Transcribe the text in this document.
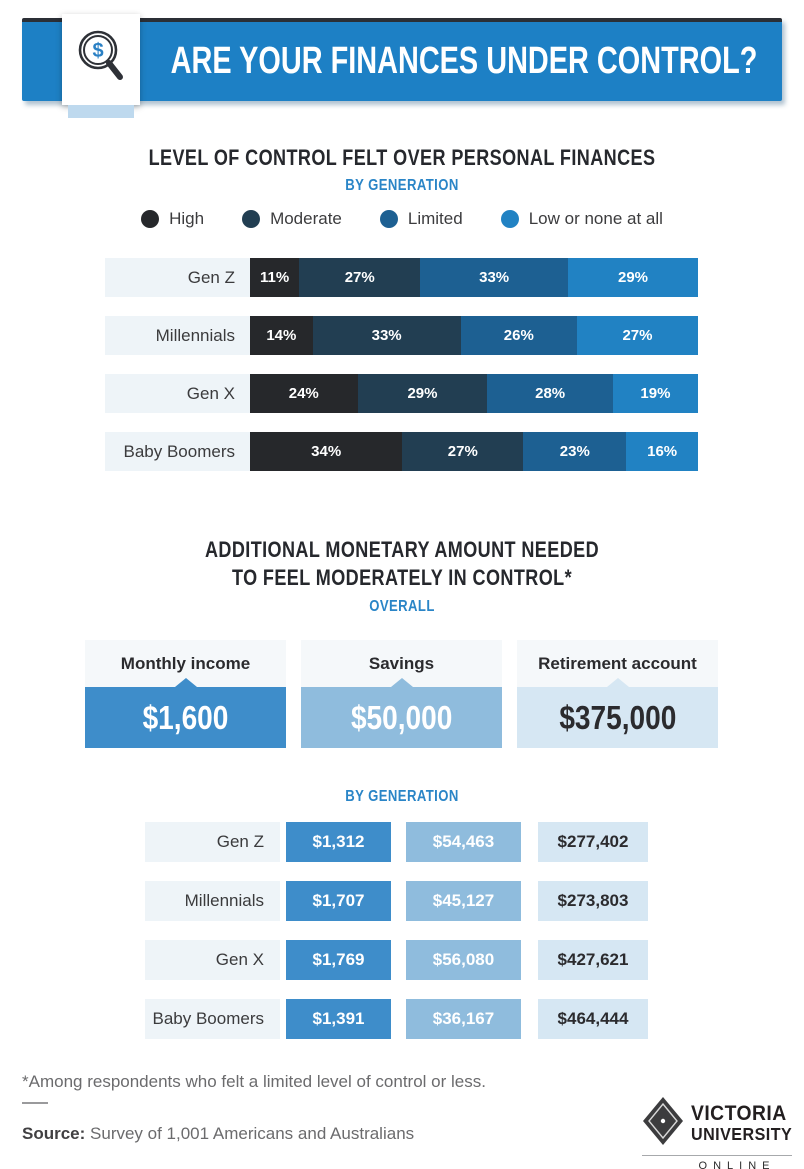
ARE YOUR FINANCES UNDER CONTROL?
$
LEVEL OF CONTROL FELT OVER PERSONAL FINANCES
BY GENERATION
High	Moderate	Limited	Low or none at all
Gen Z	11%	27%	33%	29%
Millennials	14%	33%	26%	27%
Gen X	24%	29%	28%	19%
Baby Boomers	34%	27%	23%	16%
ADDITIONAL MONETARY AMOUNT NEEDED
TO FEEL MODERATELY IN CONTROL*
OVERALL
Monthly income
$1,600
Savings
$50,000
Retirement account
$375,000
BY GENERATION
Gen Z	$1,312	$54,463	$277,402
Millennials	$1,707	$45,127	$273,803
Gen X	$1,769	$56,080	$427,621
Baby Boomers	$1,391	$36,167	$464,444
*Among respondents who felt a limited level of control or less.
Source: Survey of 1,001 Americans and Australians
VICTORIA
UNIVERSITY
ONLINE
